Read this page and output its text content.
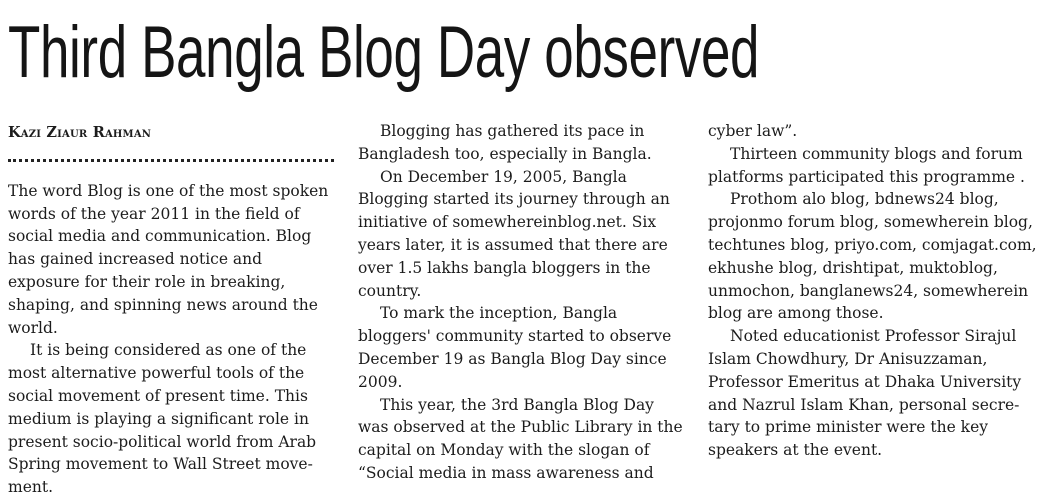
Third Bangla Blog Day observed
Kazi Ziaur Rahman

The word Blog is one of the most spoken words of the year 2011 in the field of social media and communication. Blog has gained increased notice and exposure for their role in breaking, shaping, and spinning news around the world.

It is being considered as one of the most alternative powerful tools of the social movement of present time. This medium is playing a significant role in present socio-political world from Arab Spring movement to Wall Street movement.

Blogging has gathered its pace in Bangladesh too, especially in Bangla.

On December 19, 2005, Bangla Blogging started its journey through an initiative of somewhereinblog.net. Six years later, it is assumed that there are over 1.5 lakhs bangla bloggers in the country.

To mark the inception, Bangla bloggers' community started to observe December 19 as Bangla Blog Day since 2009.

This year, the 3rd Bangla Blog Day was observed at the Public Library in the capital on Monday with the slogan of “Social media in mass awareness and

cyber law”.

Thirteen community blogs and forum platforms participated this programme .

Prothom alo blog, bdnews24 blog, projonmo forum blog, somewherein blog, techtunes blog, priyo.com, comjagat.com, ekhushe blog, drishtipat, muktoblog, unmochon, banglanews24, somewherein blog are among those.

Noted educationist Professor Sirajul Islam Chowdhury, Dr Anisuzzaman, Professor Emeritus at Dhaka University and Nazrul Islam Khan, personal secretary to prime minister were the key speakers at the event.
